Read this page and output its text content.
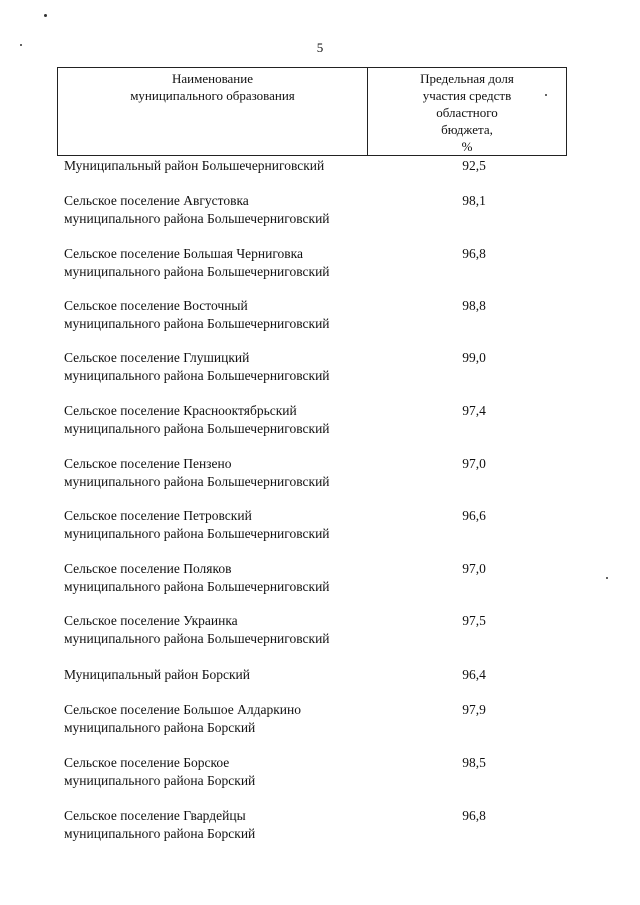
5
Наименование
муниципального образования
Предельная доля
участия средств
областного
бюджета,
%
Муниципальный район Большечерниговский	92,5
Сельское поселение Августовка
муниципального района Большечерниговский
98,1
Сельское поселение Большая Черниговка
муниципального района Большечерниговский
96,8
Сельское поселение Восточный
муниципального района Большечерниговский
98,8
Сельское поселение Глушицкий
муниципального района Большечерниговский
99,0
Сельское поселение Краснооктябрьский
муниципального района Большечерниговский
97,4
Сельское поселение Пензено
муниципального района Большечерниговский
97,0
Сельское поселение Петровский
муниципального района Большечерниговский
96,6
Сельское поселение Поляков
муниципального района Большечерниговский
97,0
Сельское поселение Украинка
муниципального района Большечерниговский
97,5
Муниципальный район Борский	96,4
Сельское поселение Большое Алдаркино
муниципального района Борский
97,9
Сельское поселение Борское
муниципального района Борский
98,5
Сельское поселение Гвардейцы
муниципального района Борский
96,8
